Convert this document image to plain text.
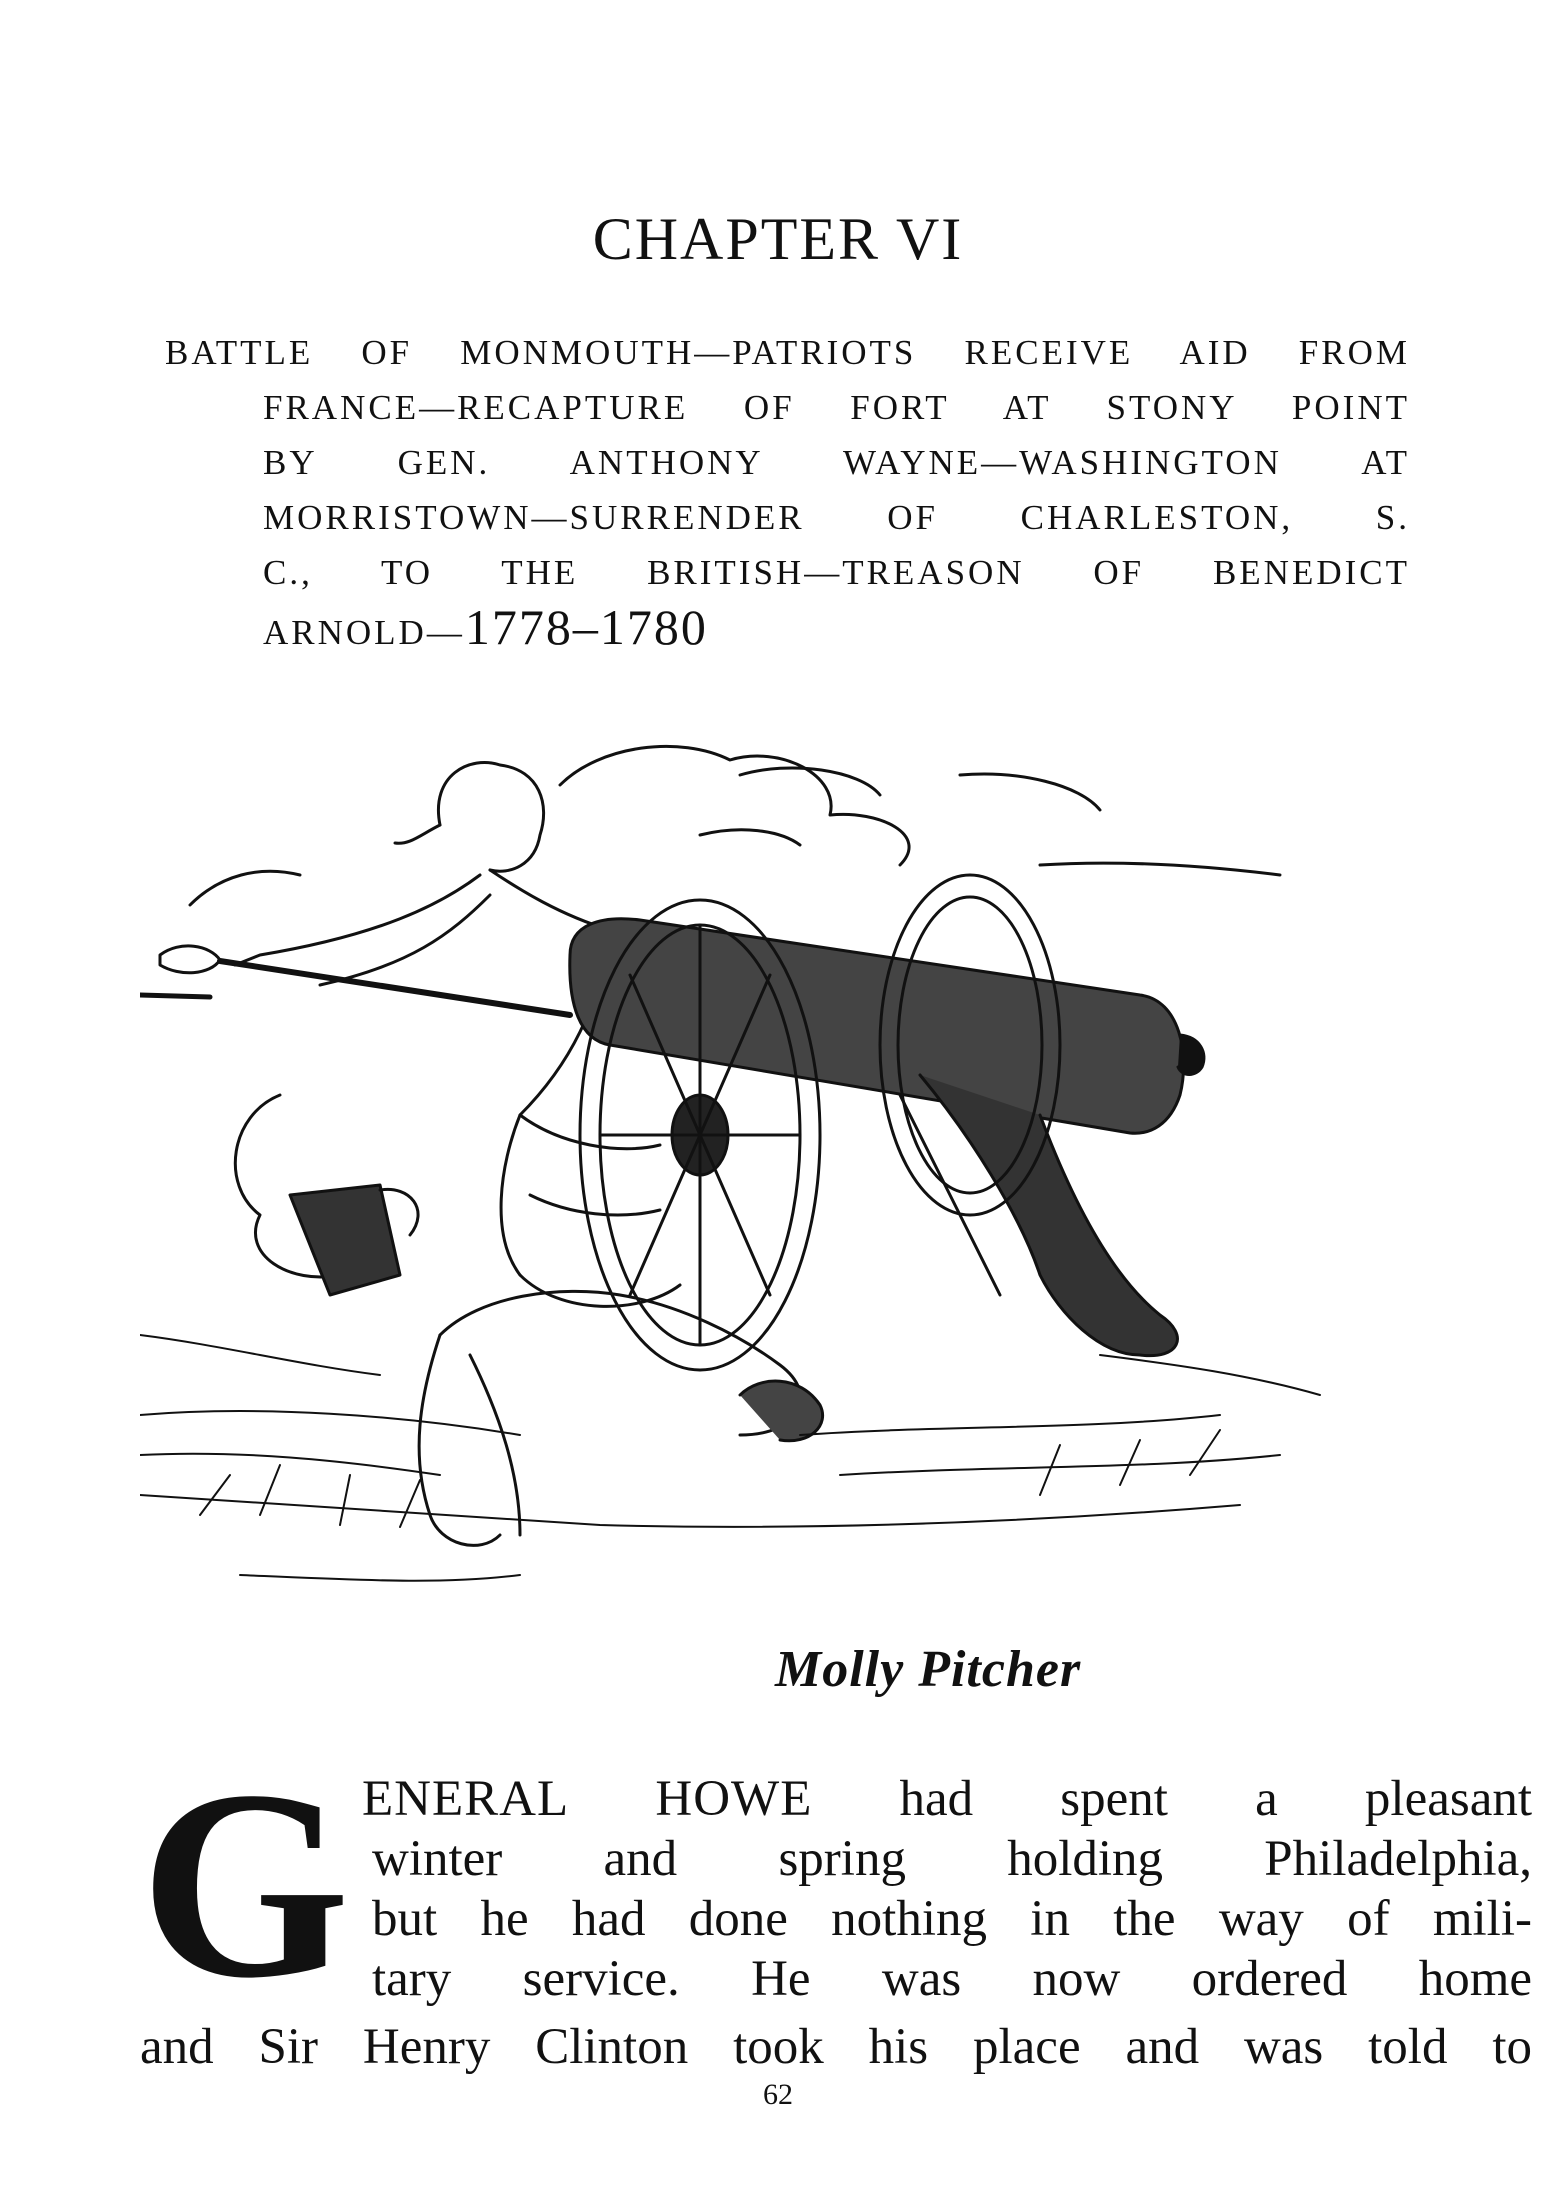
CHAPTER VI
BATTLE OF MONMOUTH—PATRIOTS RECEIVE AID FROM
FRANCE—RECAPTURE OF FORT AT STONY POINT
BY GEN. ANTHONY WAYNE—WASHINGTON AT
MORRISTOWN—SURRENDER OF CHARLESTON, S.
C., TO THE BRITISH—TREASON OF BENEDICT
ARNOLD—1778–1780
Molly Pitcher
G ENERAL HOWE had spent a pleasant
winter and spring holding Philadelphia,
but he had done nothing in the way of mili-
tary service. He was now ordered home
and Sir Henry Clinton took his place and was told to
62
